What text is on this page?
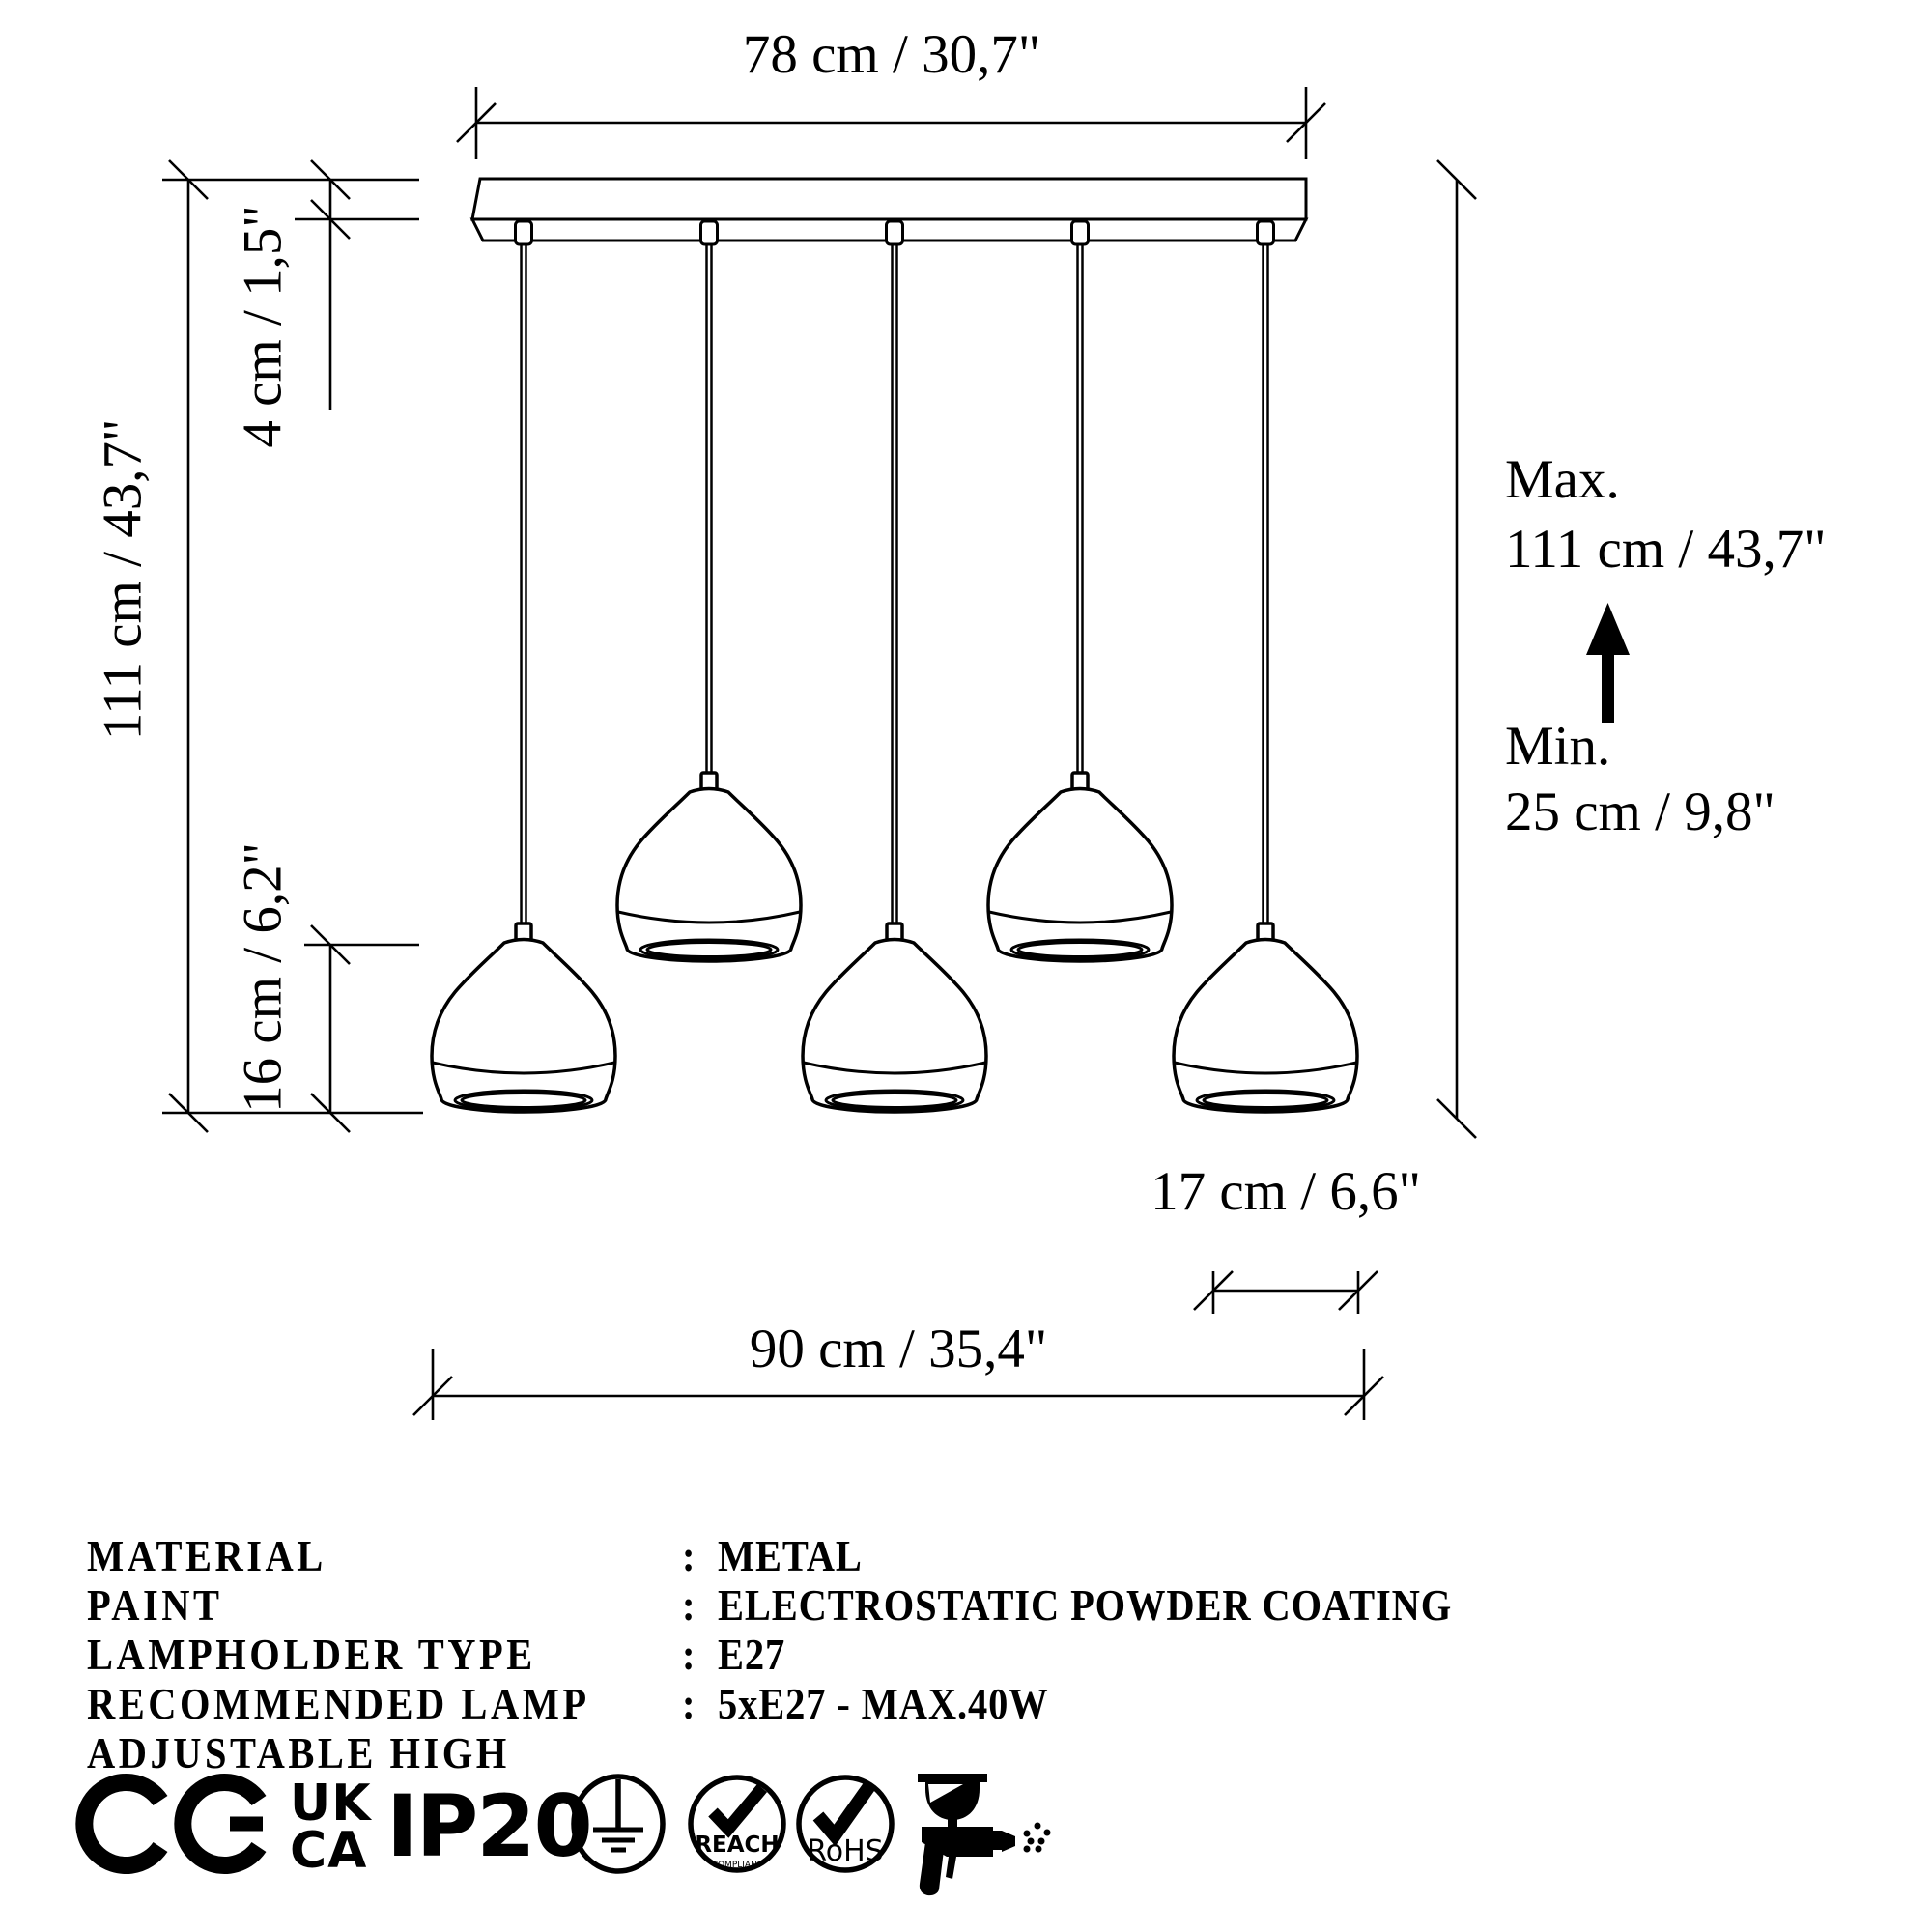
UK
CA IP20	REACH
COMPLIANT RoHS
78 cm / 30,7"
111 cm / 43,7"
4 cm / 1,5"
16 cm / 6,2"
Max.
111 cm / 43,7"
Min.
25 cm / 9,8"
17 cm / 6,6"
90 cm / 35,4"
MATERIAL	: METAL
PAINT	: ELECTROSTATIC POWDER COATING
LAMPHOLDER TYPE	: E27
RECOMMENDED LAMP	: 5xE27 - MAX.40W
ADJUSTABLE HIGH
